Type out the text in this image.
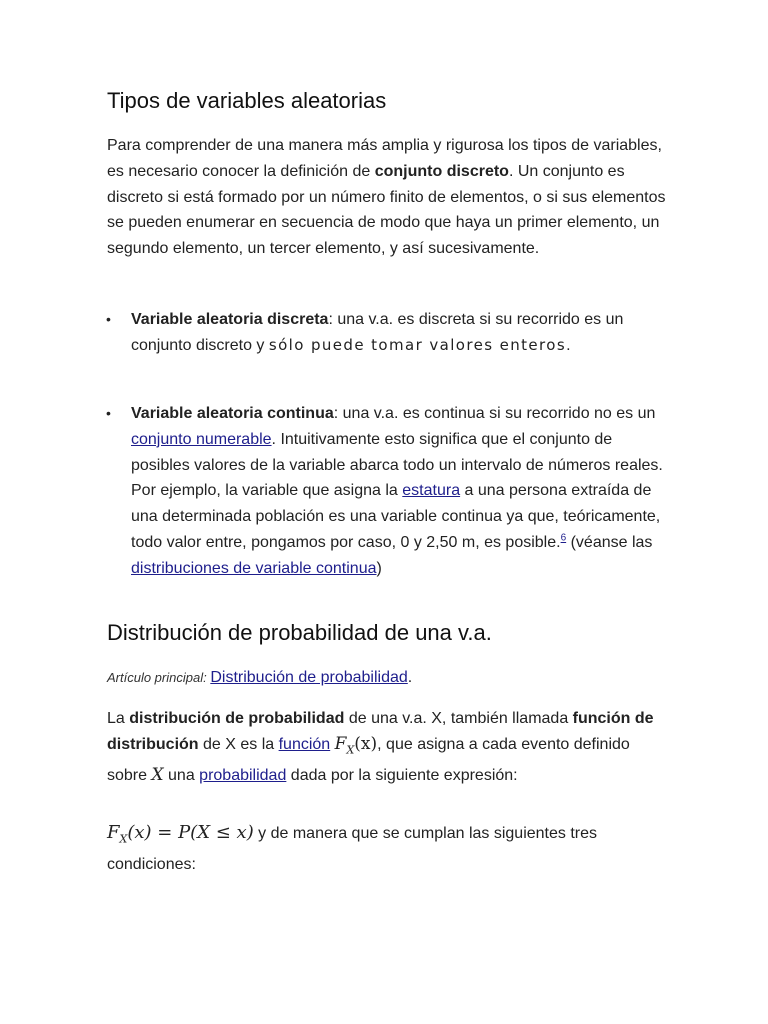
Tipos de variables aleatorias

Para comprender de una manera más amplia y rigurosa los tipos de variables, es necesario conocer la definición de conjunto discreto. Un conjunto es discreto si está formado por un número finito de elementos, o si sus elementos se pueden enumerar en secuencia de modo que haya un primer elemento, un segundo elemento, un tercer elemento, y así sucesivamente.

• Variable aleatoria discreta: una v.a. es discreta si su recorrido es un conjunto discreto y sólo puede tomar valores enteros.

• Variable aleatoria continua: una v.a. es continua si su recorrido no es un conjunto numerable. Intuitivamente esto significa que el conjunto de posibles valores de la variable abarca todo un intervalo de números reales. Por ejemplo, la variable que asigna la estatura a una persona extraída de una determinada población es una variable continua ya que, teóricamente, todo valor entre, pongamos por caso, 0 y 2,50 m, es posible.$^6$ (véanse las distribuciones de variable continua)

Distribución de probabilidad de una v.a.

Artículo principal: Distribución de probabilidad.

La distribución de probabilidad de una v.a. X, también llamada función de distribución de X es la función $F_X(x)$, que asigna a cada evento definido sobre X una probabilidad dada por la siguiente expresión:

$F_X(x) = P(X \le x)$ y de manera que se cumplan las siguientes tres condiciones:
